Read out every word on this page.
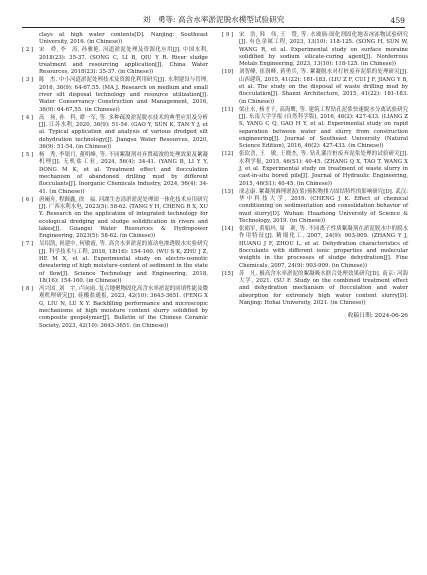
刘　勇等: 高含水率淤泥脱水模型试验研究	459
clays at high water contents[D]. Nanjing: Southeast University, 2016. (in Chinese))
[ 2 ]	宋　舜, 李　涛, 孙雅艳. 河道淤泥处理及资源化应用[J]. 中国水利, 2018(23): 35-37. (SONG C, LI B, QIU Y R. River sludge treatment and resourcing application[J]. China Water Resources, 2018(23): 35-37. (in Chinese))
[ 3 ]	陈　杰. 中小河道淤泥处理技术及资源化利用研究[J]. 水利建设与管理, 2016, 36(9): 64-67,55. (MA J. Research on medium and small river silt disposal technology and resource utilization[J]. Water Conservancy Construction and Management, 2016, 36(9): 64-67,55. (in Chinese))
[ 4 ]	高　扬, 孙　科, 谭一军, 等. 多种疏浚淤泥脱水技术的典型应用及分析[J]. 江苏水利, 2020, 36(9): 51-54. (GAO Y, SUN K, TAN Y J, et al. Typical application and analysis of various dredged silt dehydration technology[J]. Jiangsu Water Resources, 2020, 36(9): 51-54. (in Chinese))
[ 5 ]	杨　秀, 李银月, 董明峰, 等. 不同絮凝剂对弃置疏浚的处理效果及絮凝机理[J]. 无机盐工业, 2024, 56(4): 34-41. (YANG B, LI Y Y, DONG M K, et al. Treatment effect and flocculation mechanism of abandoned drilling mud by different flocculants[J]. Inorganic Chemicals Industry, 2024, 56(4): 34-41. (in Chinese))
[ 6 ]	唐阑舟, 程颢鑫, 徐　福. 河湖生态清淤淤泥处理固一体化技术应用研究[J]. 广西水利水电, 2023(5): 58-62. (TANG Y H, CHENG R X, XU Y. Research on the application of integrated technology for ecological dredging and sludge solidification in rivers and lakes[J]. Guangxi Water Resources & Hydropower Engineering, 2023(5): 58-62. (in Chinese))
[ 7 ]	吴绍凯, 祝建中, 何敏霞, 等. 高含水率淤泥的流动电渗透脱水实验研究[J]. 科学技术与工程, 2018, 18(16): 154-160. (WU S K, ZHU J Z, HE M X, et al. Experimental study on electro-osmotic dewatering of high moisture-content of sediment in the state of flow[J]. Science Technology and Engineering, 2018, 18(16): 154-160. (in Chinese))
[ 8 ]	冯兴国, 刘　宇, 卢向雨. 复合地聚物固化高含水率淤泥的回填性能及微观机理研究[J]. 硅酸盐通报, 2023, 42(10): 3643-3651. (FENG X G, LIU N, LU X Y. Backfilling performance and microscopic mechanisms of high moisture content slurry solidified by composite geopolymer[J]. Bulletin of the Chinese Ceramic Society, 2023, 42(10): 3643-3651. (in Chinese))
[ 9 ]	宋　浩, 韩　伟, 王　赞, 等. 水玻璃-固化剂固化地表冰冻物试验研究[J]. 有色金属工程, 2023, 13(10): 118-125. (SONG H, SUN W, WANG R, et al. Experimental study on surface moraine solidified by sodium silicate-curing agent[J]. Nonferrous Metals Engineering, 2023, 13(10): 118-125. (in Chinese))
[10]	刘智峰, 崔润峰, 蒋勇兵, 等. 絮凝脱水对打桩废弃泥浆的处理研究[J]. 山西建筑, 2015, 41(22): 181-183. (LIU Z F, CUI J F, JIANG Y B, et al. The study on the disposal of waste drilling mud by flocculation[J]. Shanxi Architecture, 2015, 41(22): 181-183. (in Chinese))
[11]	梁止水, 杨才千, 高海鹰, 等. 建筑工程钻孔泥浆快速脱水分离试验研究[J]. 东南大学学报 (自然科学版), 2016, 46(2): 427-433. (LIANG Z S, YANG C Q, GAO H Y, et al. Experimental study on rapid separation between water and slurry from construction engineering[J]. Journal of Southeast University (Natural Science Edition), 2016, 46(2): 427-433. (in Chinese))
[12]	张钦喜, 王　敏, 王晓杰, 等. 钻孔灌注桩废弃泥浆处理的试验研究[J]. 水利学报, 2015, 46(S1): 40-45. (ZHANG Q X, TAO T, WANG X J, et al. Experimental study on treatment of waste slurry in cast-in-situ bored pile[J]. Journal of Hydraulic Engineering, 2015, 46(S1): 40-45. (in Chinese))
[13]	成志康. 絮凝剂调理淤泥(浆)预积物排力固结特性的影响研究[D]. 武汉: 华中科技大学, 2019. (CHENG J K. Effect of chemical conditioning on sedimentation and consolidation behavior of mud slurry[D]. Wuhan: Huazhong University of Science & Technology, 2019. (in Chinese))
[14]	张娟军, 黄娟玛, 周　莉, 等. 不同离子性质絮凝剂在淤泥脱水中的脱水作用特征[J]. 精细化工, 2007, 24(9): 903-909. (ZHANG Y J, HUANG J F, ZHOU L, et al. Dehydration characteristics of flocculants with different ionic properties and molecular weights in the processes of sludge dehydration[J]. Fine Chemicals, 2007, 24(9): 903-909. (in Chinese))
[15]	苏　凡. 极高含水率淤泥的絮凝吸水联合处理效果研究[D]. 南京: 河海大学, 2021. (SU F. Study on the combined treatment effect and dehydration mechanism of flocculation and water absorption for extremely high water content slurry[D]. Nanjing: Hohai University, 2021. (in Chinese))
收稿日期: 2024-06-26
